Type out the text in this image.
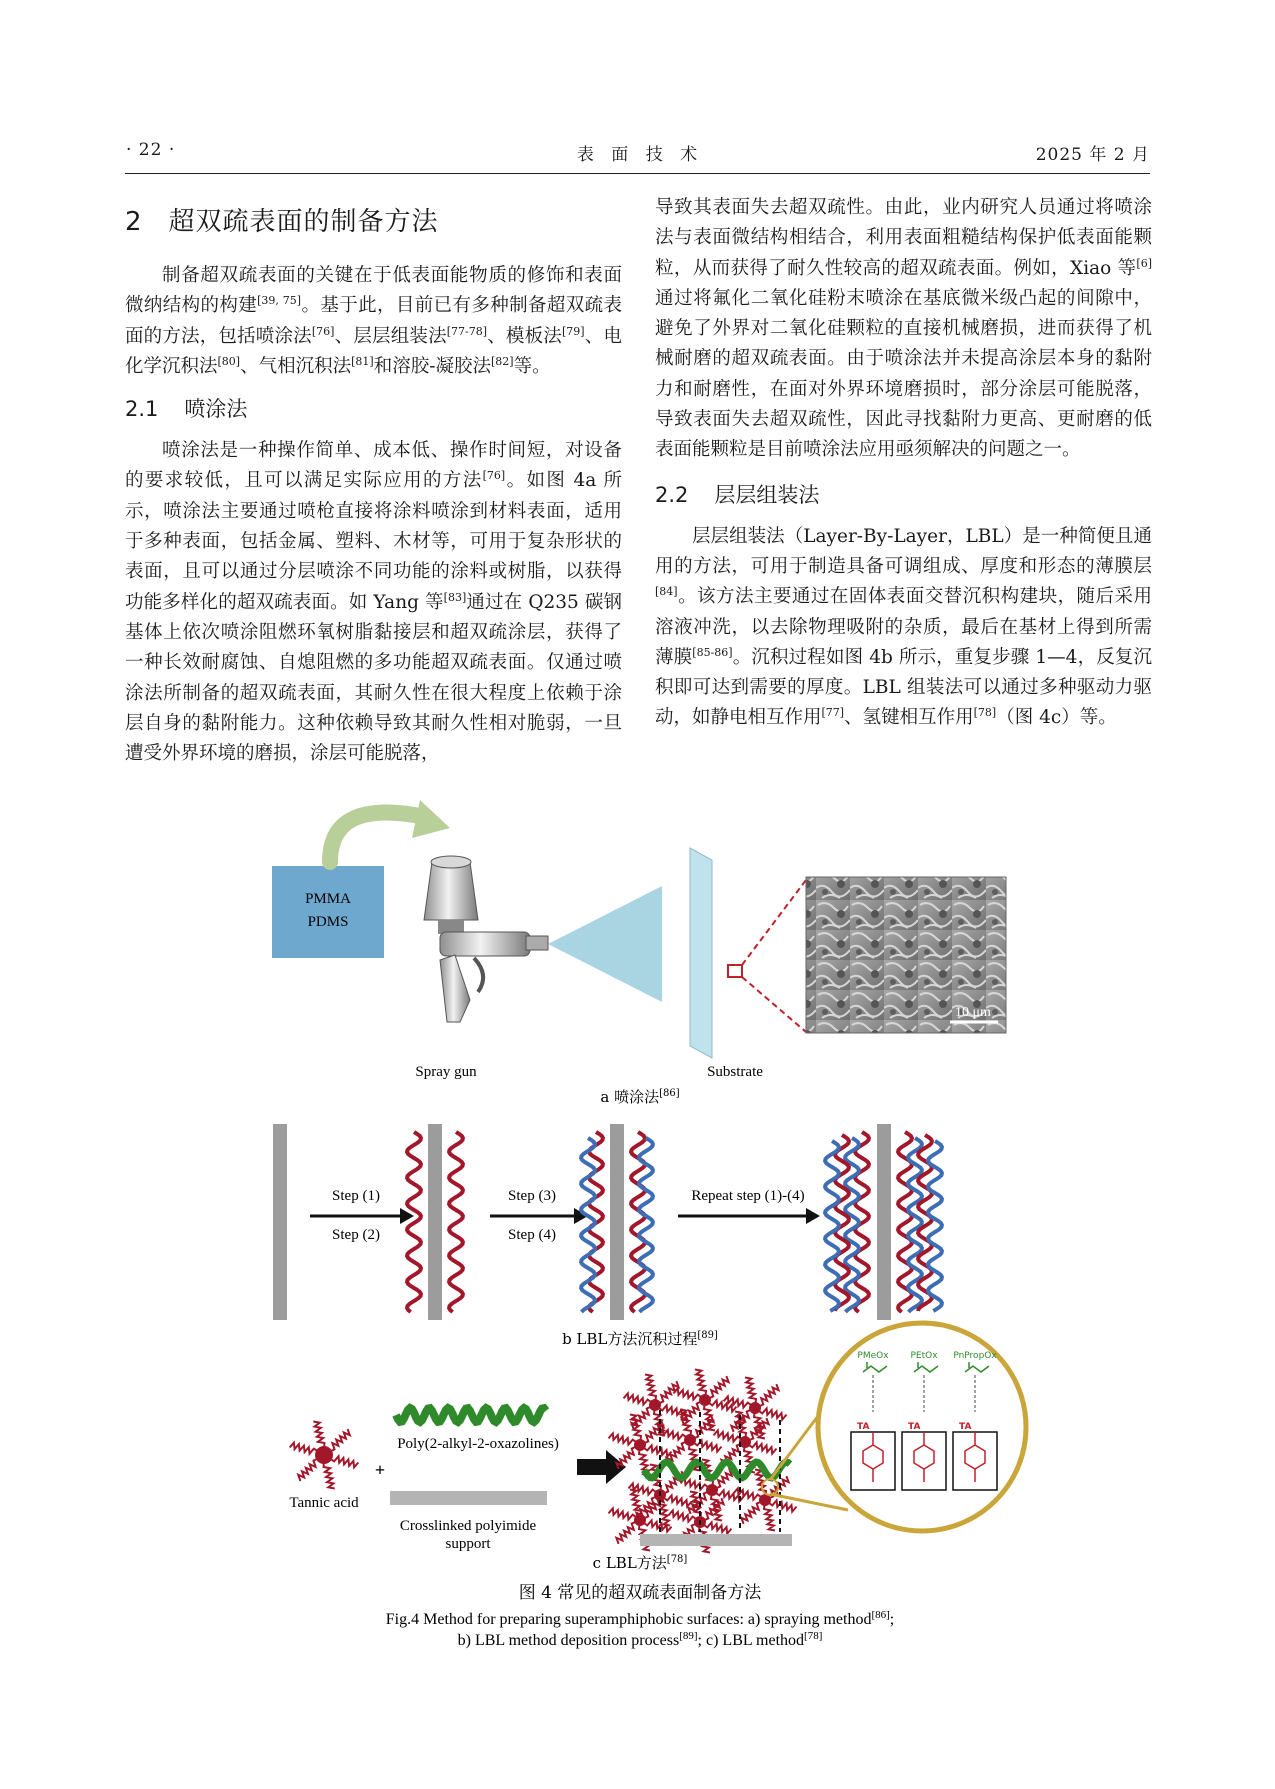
· 22 ·	表 面 技 术	2025 年 2 月
2 超双疏表面的制备方法

制备超双疏表面的关键在于低表面能物质的修饰和表面微纳结构的构建[39, 75]。基于此，目前已有多种制备超双疏表面的方法，包括喷涂法[76]、层层组装法[77-78]、模板法[79]、电化学沉积法[80]、气相沉积法[81]和溶胶-凝胶法[82]等。

2.1 喷涂法

喷涂法是一种操作简单、成本低、操作时间短，对设备的要求较低，且可以满足实际应用的方法[76]。如图 4a 所示，喷涂法主要通过喷枪直接将涂料喷涂到材料表面，适用于多种表面，包括金属、塑料、木材等，可用于复杂形状的表面，且可以通过分层喷涂不同功能的涂料或树脂，以获得功能多样化的超双疏表面。如 Yang 等[83]通过在 Q235 碳钢基体上依次喷涂阻燃环氧树脂黏接层和超双疏涂层，获得了一种长效耐腐蚀、自熄阻燃的多功能超双疏表面。仅通过喷涂法所制备的超双疏表面，其耐久性在很大程度上依赖于涂层自身的黏附能力。这种依赖导致其耐久性相对脆弱，一旦遭受外界环境的磨损，涂层可能脱落，

导致其表面失去超双疏性。由此，业内研究人员通过将喷涂法与表面微结构相结合，利用表面粗糙结构保护低表面能颗粒，从而获得了耐久性较高的超双疏表面。例如，Xiao 等[6]通过将氟化二氧化硅粉末喷涂在基底微米级凸起的间隙中，避免了外界对二氧化硅颗粒的直接机械磨损，进而获得了机械耐磨的超双疏表面。由于喷涂法并未提高涂层本身的黏附力和耐磨性，在面对外界环境磨损时，部分涂层可能脱落，导致表面失去超双疏性，因此寻找黏附力更高、更耐磨的低表面能颗粒是目前喷涂法应用亟须解决的问题之一。

2.2 层层组装法

层层组装法（Layer-By-Layer，LBL）是一种简便且通用的方法，可用于制造具备可调组成、厚度和形态的薄膜层[84]。该方法主要通过在固体表面交替沉积构建块，随后采用溶液冲洗，以去除物理吸附的杂质，最后在基材上得到所需薄膜[85-86]。沉积过程如图 4b 所示，重复步骤 1—4，反复沉积即可达到需要的厚度。LBL 组装法可以通过多种驱动力驱动，如静电相互作用[77]、氢键相互作用[78]（图 4c）等。

PMMA
PDMS
Spray gun	Substrate
10 μm
a 喷涂法[86]
Step (1)
Step (2)
Step (3)
Step (4)
Repeat step (1)-(4)
b LBL方法沉积过程[89]
Tannic acid
+
Poly(2-alkyl-2-oxazolines)
Crosslinked polyimide
support
PMeOx PEtOx PnPropOx
TA	TA	TA
c LBL方法[78]
图 4 常见的超双疏表面制备方法
Fig.4 Method for preparing superamphiphobic surfaces: a) spraying method[86];
b) LBL method deposition process[89]; c) LBL method[78]
